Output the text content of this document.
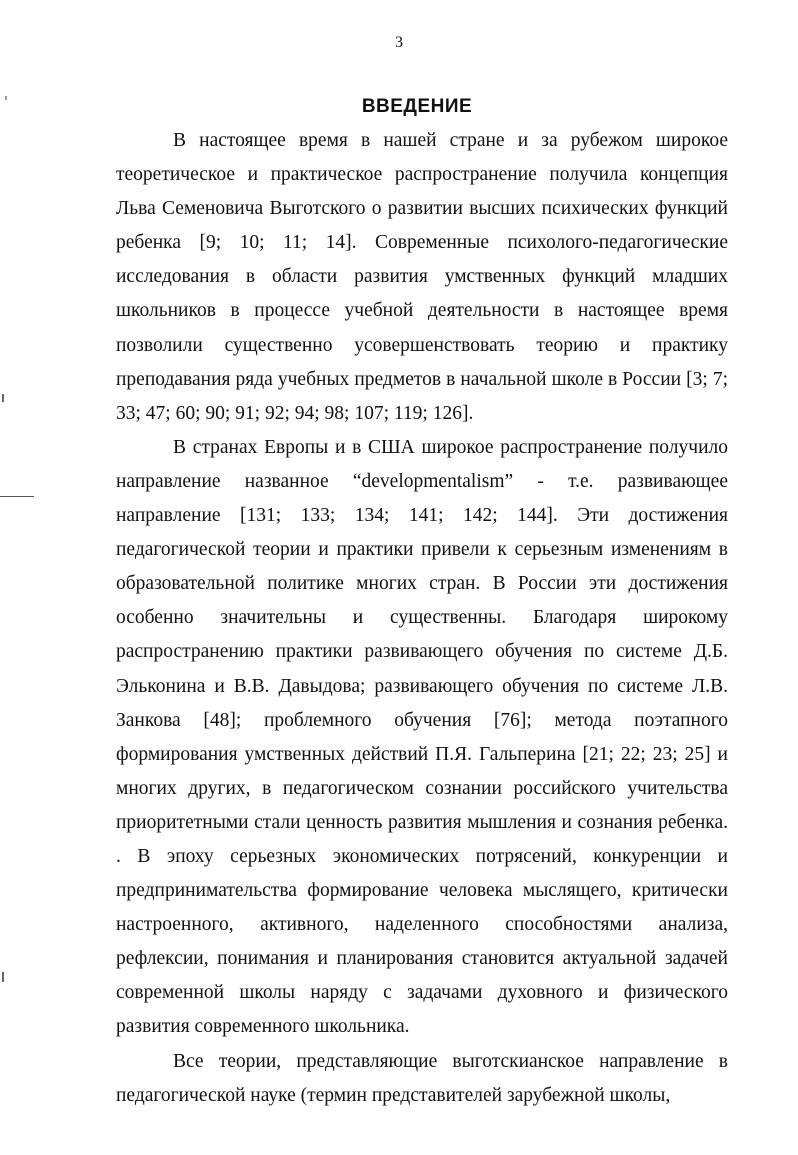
3
ВВЕДЕНИЕ

В настоящее время в нашей стране и за рубежом широкое теоретическое и практическое распространение получила концепция Льва Семеновича Выготского о развитии высших психических функций ребенка [9; 10; 11; 14]. Современные психолого-педагогические исследования в области развития умственных функций младших школьников в процессе учебной деятельности в настоящее время позволили существенно усовершенствовать теорию и практику преподавания ряда учебных предметов в начальной школе в России [3; 7; 33; 47; 60; 90; 91; 92; 94; 98; 107; 119; 126].

В странах Европы и в США широкое распространение получило направление названное “developmentalism” - т.е. развивающее направление [131; 133; 134; 141; 142; 144]. Эти достижения педагогической теории и практики привели к серьезным изменениям в образовательной политике многих стран. В России эти достижения особенно значительны и существенны. Благодаря широкому распространению практики развивающего обучения по системе Д.Б. Эльконина и В.В. Давыдова; развивающего обучения по системе Л.В. Занкова [48]; проблемного обучения [76]; метода поэтапного формирования умственных действий П.Я. Гальперина [21; 22; 23; 25] и многих других, в педагогическом сознании российского учительства приоритетными стали ценность развития мышления и сознания ребенка. . В эпоху серьезных экономических потрясений, конкуренции и предпринимательства формирование человека мыслящего, критически настроенного, активного, наделенного способностями анализа, рефлексии, понимания и планирования становится актуальной задачей современной школы наряду с задачами духовного и физического развития современного школьника.

Все теории, представляющие выготскианское направление в педагогической науке (термин представителей зарубежной школы,
